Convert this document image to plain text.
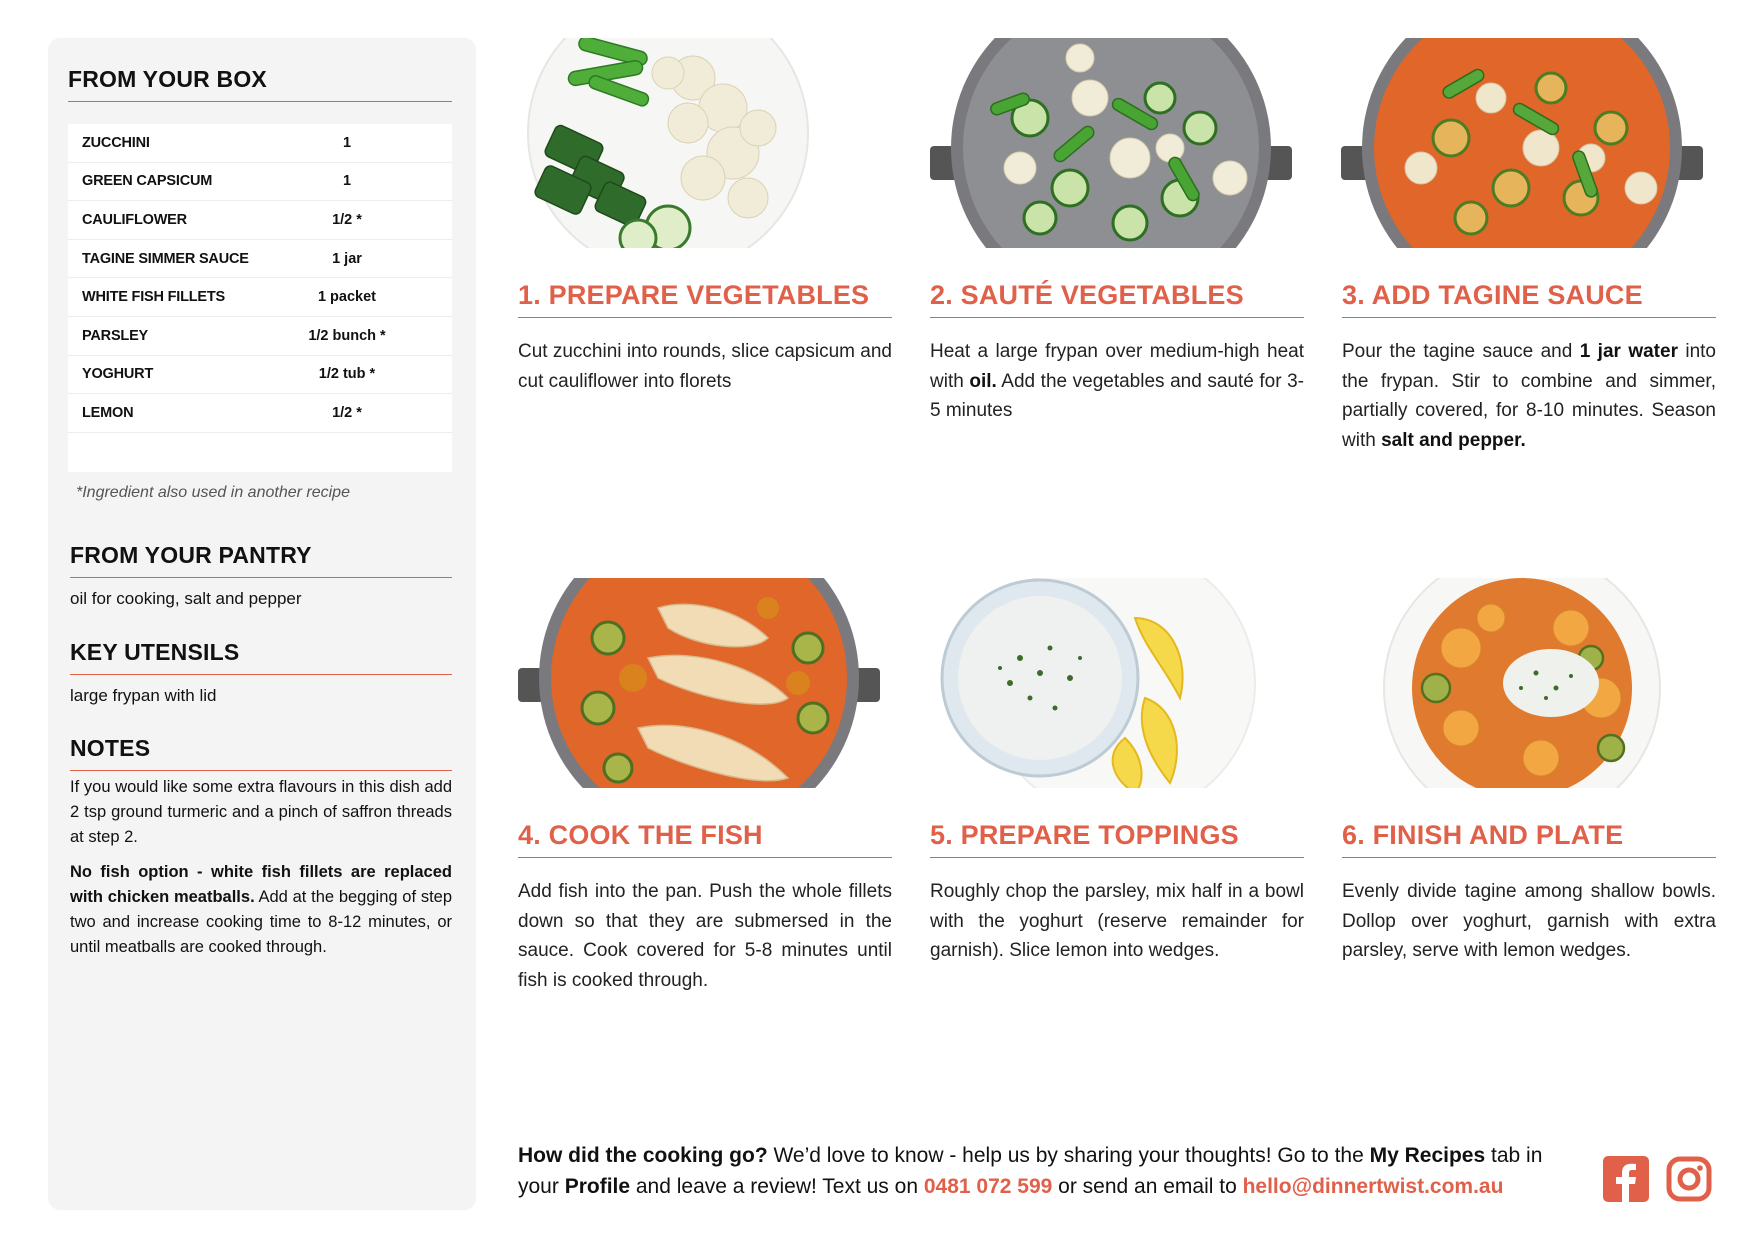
FROM YOUR BOX
ZUCCHINI	1
GREEN CAPSICUM	1
CAULIFLOWER	1/2 *
TAGINE SIMMER SAUCE	1 jar
WHITE FISH FILLETS	1 packet
PARSLEY	1/2 bunch *
YOGHURT	1/2 tub *
LEMON	1/2 *
*Ingredient also used in another recipe
FROM YOUR PANTRY
oil for cooking, salt and pepper
KEY UTENSILS
large frypan with lid
NOTES
If you would like some extra flavours in this dish add 2 tsp ground turmeric and a pinch of saffron threads at step 2.
No fish option - white fish fillets are replaced with chicken meatballs. Add at the begging of step two and increase cooking time to 8-12 minutes, or until meatballs are cooked through.
1. PREPARE VEGETABLES
Cut zucchini into rounds, slice capsicum and cut cauliflower into florets
2. SAUTÉ VEGETABLES
Heat a large frypan over medium-high heat with oil. Add the vegetables and sauté for 3-5 minutes
3. ADD TAGINE SAUCE
Pour the tagine sauce and 1 jar water into the frypan. Stir to combine and simmer, partially covered, for 8-10 minutes. Season with salt and pepper.
4. COOK THE FISH
Add fish into the pan. Push the whole fillets down so that they are submersed in the sauce. Cook covered for 5-8 minutes until fish is cooked through.
5. PREPARE TOPPINGS
Roughly chop the parsley, mix half in a bowl with the yoghurt (reserve remainder for garnish). Slice lemon into wedges.
6. FINISH AND PLATE
Evenly divide tagine among shallow bowls. Dollop over yoghurt, garnish with extra parsley, serve with lemon wedges.
How did the cooking go? We’d love to know - help us by sharing your thoughts! Go to the My Recipes tab in your Profile and leave a review! Text us on 0481 072 599 or send an email to hello@dinnertwist.com.au
